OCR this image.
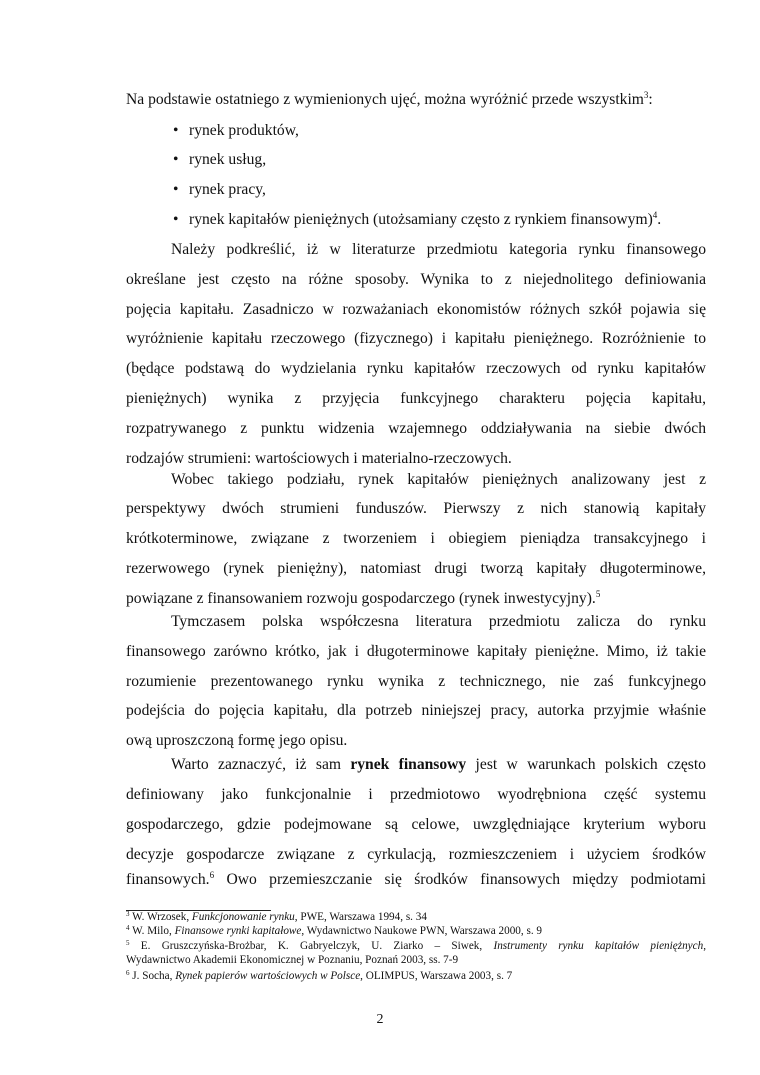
Na podstawie ostatniego z wymienionych ujęć, można wyróżnić przede wszystkim$^3$:
• rynek produktów,
• rynek usług,
• rynek pracy,
• rynek kapitałów pieniężnych (utożsamiany często z rynkiem finansowym)$^4$.
Należy podkreślić, iż w literaturze przedmiotu kategoria rynku finansowego
określane jest często na różne sposoby. Wynika to z niejednolitego definiowania
pojęcia kapitału. Zasadniczo w rozważaniach ekonomistów różnych szkół pojawia się
wyróżnienie kapitału rzeczowego (fizycznego) i kapitału pieniężnego. Rozróżnienie to
(będące podstawą do wydzielania rynku kapitałów rzeczowych od rynku kapitałów
pieniężnych) wynika z przyjęcia funkcyjnego charakteru pojęcia kapitału,
rozpatrywanego z punktu widzenia wzajemnego oddziaływania na siebie dwóch
rodzajów strumieni: wartościowych i materialno-rzeczowych.
Wobec takiego podziału, rynek kapitałów pieniężnych analizowany jest z
perspektywy dwóch strumieni funduszów. Pierwszy z nich stanowią kapitały
krótkoterminowe, związane z tworzeniem i obiegiem pieniądza transakcyjnego i
rezerwowego (rynek pieniężny), natomiast drugi tworzą kapitały długoterminowe,
powiązane z finansowaniem rozwoju gospodarczego (rynek inwestycyjny).$^5$
Tymczasem polska współczesna literatura przedmiotu zalicza do rynku
finansowego zarówno krótko, jak i długoterminowe kapitały pieniężne. Mimo, iż takie
rozumienie prezentowanego rynku wynika z technicznego, nie zaś funkcyjnego
podejścia do pojęcia kapitału, dla potrzeb niniejszej pracy, autorka przyjmie właśnie
ową uproszczoną formę jego opisu.
Warto zaznaczyć, iż sam rynek finansowy jest w warunkach polskich często
definiowany jako funkcjonalnie i przedmiotowo wyodrębniona część systemu
gospodarczego, gdzie podejmowane są celowe, uwzględniające kryterium wyboru
decyzje gospodarcze związane z cyrkulacją, rozmieszczeniem i użyciem środków
finansowych.$^6$ Owo przemieszczanie się środków finansowych między podmiotami
$^3$ W. Wrzosek, Funkcjonowanie rynku, PWE, Warszawa 1994, s. 34
$^4$ W. Milo, Finansowe rynki kapitałowe, Wydawnictwo Naukowe PWN, Warszawa 2000, s. 9
$^5$ E. Gruszczyńska-Brożbar, K. Gabryelczyk, U. Ziarko – Siwek, Instrumenty rynku kapitałów pieniężnych,
Wydawnictwo Akademii Ekonomicznej w Poznaniu, Poznań 2003, ss. 7-9
$^6$ J. Socha, Rynek papierów wartościowych w Polsce, OLIMPUS, Warszawa 2003, s. 7
2
